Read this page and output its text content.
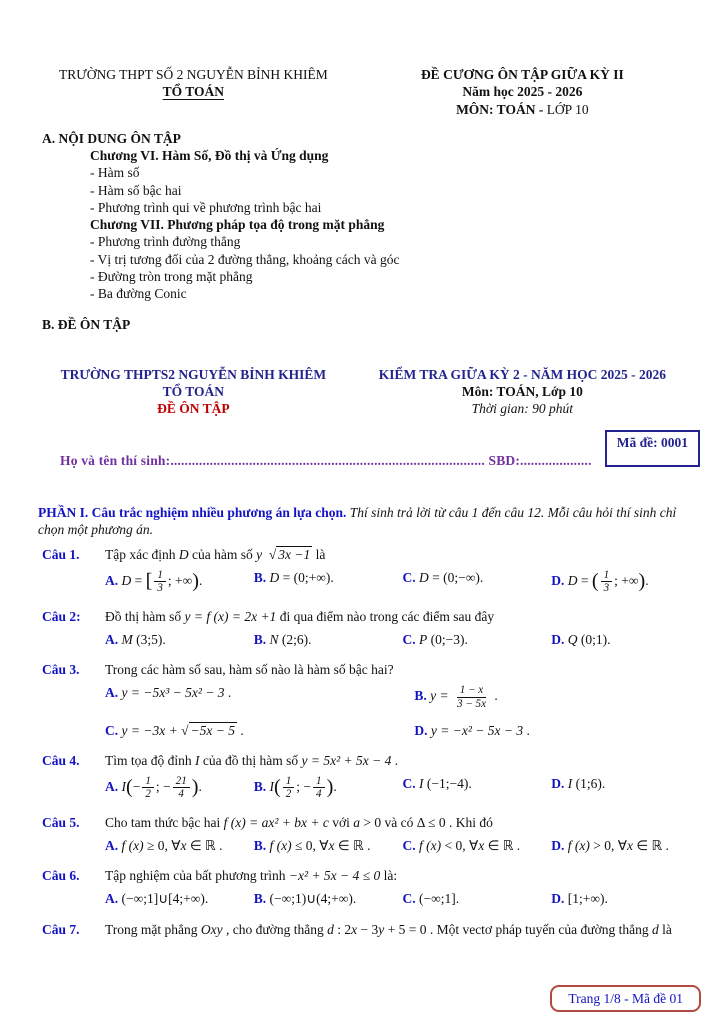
TRƯỜNG THPT SỐ 2 NGUYỄN BỈNH KHIÊM
TỔ TOÁN
ĐỀ CƯƠNG ÔN TẬP GIỮA KỲ II
Năm học 2025 - 2026
MÔN: TOÁN - LỚP 10
A. NỘI DUNG ÔN TẬP
Chương VI. Hàm Số, Đồ thị và Ứng dụng
- Hàm số
- Hàm số bậc hai
- Phương trình qui về phương trình bậc hai
Chương VII. Phương pháp tọa độ trong mặt phẳng
- Phương trình đường thẳng
- Vị trị tương đối của 2 đường thẳng, khoảng cách và góc
- Đường tròn trong mặt phẳng
- Ba đường Conic
B. ĐỀ ÔN TẬP
TRƯỜNG THPTS2 NGUYỄN BỈNH KHIÊM
TỔ TOÁN
ĐỀ ÔN TẬP
KIỂM TRA GIỮA KỲ 2 - NĂM HỌC 2025 - 2026
Môn: TOÁN, Lớp 10
Thời gian: 90 phút
Mã đề: 0001
Họ và tên thí sinh:........................................................................................ SBD:....................
PHẦN I. Câu trắc nghiệm nhiều phương án lựa chọn. Thí sinh trả lời từ câu 1 đến câu 12. Mỗi câu hỏi thí sinh chỉ chọn một phương án.
Câu 1. Tập xác định D của hàm số y √ 3x −1 là
A. D = [ $\frac{1}{3}$ ; +∞).	B. D = (0;+∞).	C. D = (0;−∞).	D. D = ( $\frac{1}{3}$ ; +∞).
Câu 2: Đồ thị hàm số y = f (x) = 2x +1 đi qua điểm nào trong các điểm sau đây
A. M (3;5).	B. N (2;6).	C. P (0;−3).	D. Q (0;1).
Câu 3. Trong các hàm số sau, hàm số nào là hàm số bậc hai?
A. y = −5x³ − 5x² − 3 .	B. $y = \frac{1 - x}{3 - 5x}$ .
C. y = −3x + √ −5x − 5 .	D. y = −x² − 5x − 3 .
Câu 4. Tìm tọa độ đỉnh I của đồ thị hàm số y = 5x² + 5x − 4 .
A. $I(- \frac{1}{2}$ ; − $\frac{21}{4}$ ).	B. $I( \frac{1}{2}$ ; − $\frac{1}{4}$ ).	C. I (−1;−4).	D. I (1;6).
Câu 5. Cho tam thức bậc hai f (x) = ax² + bx + c với a > 0 và có Δ ≤ 0 . Khi đó
A. f (x) ≥ 0, ∀x ∈ ℝ .	B. f (x) ≤ 0, ∀x ∈ ℝ .	C. f (x) < 0, ∀x ∈ ℝ .	D. f (x) > 0, ∀x ∈ ℝ .
Câu 6. Tập nghiệm của bất phương trình −x² + 5x − 4 ≤ 0 là:
A. (−∞;1]∪[4;+∞).	B. (−∞;1)∪(4;+∞).	C. (−∞;1].	D. [1;+∞).
Câu 7. Trong mặt phẳng Oxy , cho đường thẳng d : 2x − 3y + 5 = 0 . Một vectơ pháp tuyến của đường thẳng d là
Trang 1/8 - Mã đề 01
